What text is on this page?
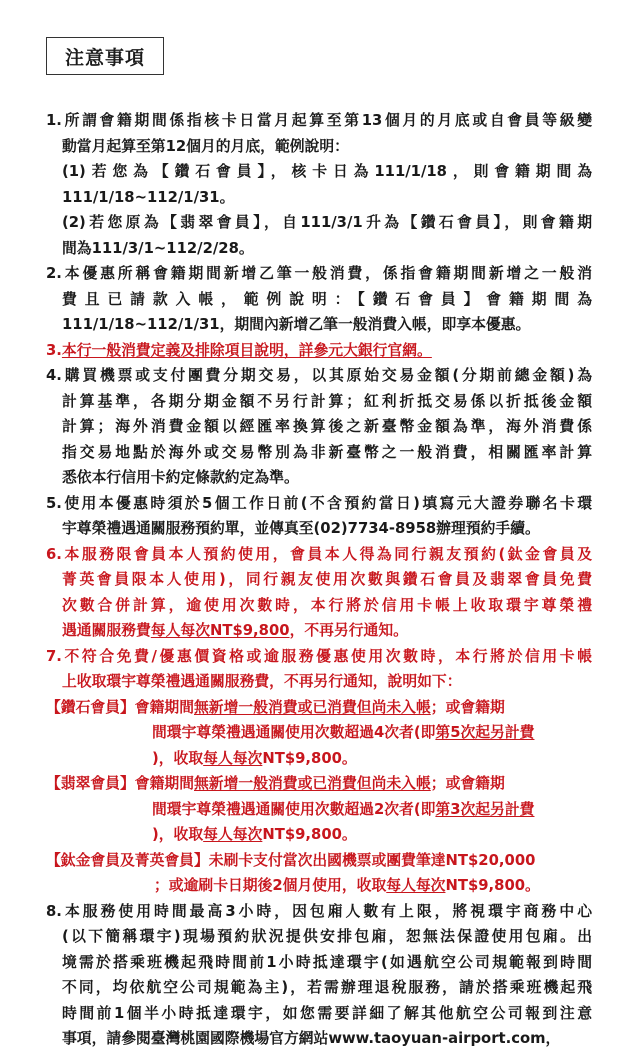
注意事項
1.所謂會籍期間係指核卡日當月起算至第13個月的月底或自會員等級變
動當月起算至第12個月的月底，範例說明：
(1)若您為【鑽石會員】，核卡日為111/1/18，則會籍期間為
111/1/18~112/1/31。
(2)若您原為【翡翠會員】，自111/3/1升為【鑽石會員】，則會籍期
間為111/3/1~112/2/28。
2.本優惠所稱會籍期間新增乙筆一般消費，係指會籍期間新增之一般消
費且已請款入帳，範例說明：【鑽石會員】會籍期間為
111/1/18~112/1/31，期間內新增乙筆一般消費入帳，即享本優惠。
3.本行一般消費定義及排除項目說明，詳參元大銀行官網。
4.購買機票或支付團費分期交易，以其原始交易金額(分期前總金額)為
計算基準，各期分期金額不另行計算；紅利折抵交易係以折抵後金額
計算；海外消費金額以經匯率換算後之新臺幣金額為準，海外消費係
指交易地點於海外或交易幣別為非新臺幣之一般消費，相關匯率計算
悉依本行信用卡約定條款約定為準。
5.使用本優惠時須於5個工作日前(不含預約當日)填寫元大證券聯名卡環
宇尊榮禮遇通關服務預約單，並傳真至(02)7734-8958辦理預約手續。
6.本服務限會員本人預約使用，會員本人得為同行親友預約(鈦金會員及
菁英會員限本人使用)，同行親友使用次數與鑽石會員及翡翠會員免費
次數合併計算，逾使用次數時，本行將於信用卡帳上收取環宇尊榮禮
遇通關服務費每人每次NT$9,800，不再另行通知。
7.不符合免費/優惠價資格或逾服務優惠使用次數時，本行將於信用卡帳
上收取環宇尊榮禮遇通關服務費，不再另行通知，說明如下：
【鑽石會員】會籍期間無新增一般消費或已消費但尚未入帳；或會籍期
間環宇尊榮禮遇通關使用次數超過4次者(即第5次起另計費
)，收取每人每次NT$9,800。
【翡翠會員】會籍期間無新增一般消費或已消費但尚未入帳；或會籍期
間環宇尊榮禮遇通關使用次數超過2次者(即第3次起另計費
)，收取每人每次NT$9,800。
【鈦金會員及菁英會員】未刷卡支付當次出國機票或團費筆達NT$20,000
；或逾刷卡日期後2個月使用，收取每人每次NT$9,800。
8.本服務使用時間最高3小時，因包廂人數有上限，將視環宇商務中心
(以下簡稱環宇)現場預約狀況提供安排包廂，恕無法保證使用包廂。出
境需於搭乘班機起飛時間前1小時抵達環宇(如遇航空公司規範報到時間
不同，均依航空公司規範為主)，若需辦理退稅服務，請於搭乘班機起飛
時間前1個半小時抵達環宇，如您需要詳細了解其他航空公司報到注意
事項，請參閱臺灣桃園國際機場官方網站www.taoyuan-airport.com，
